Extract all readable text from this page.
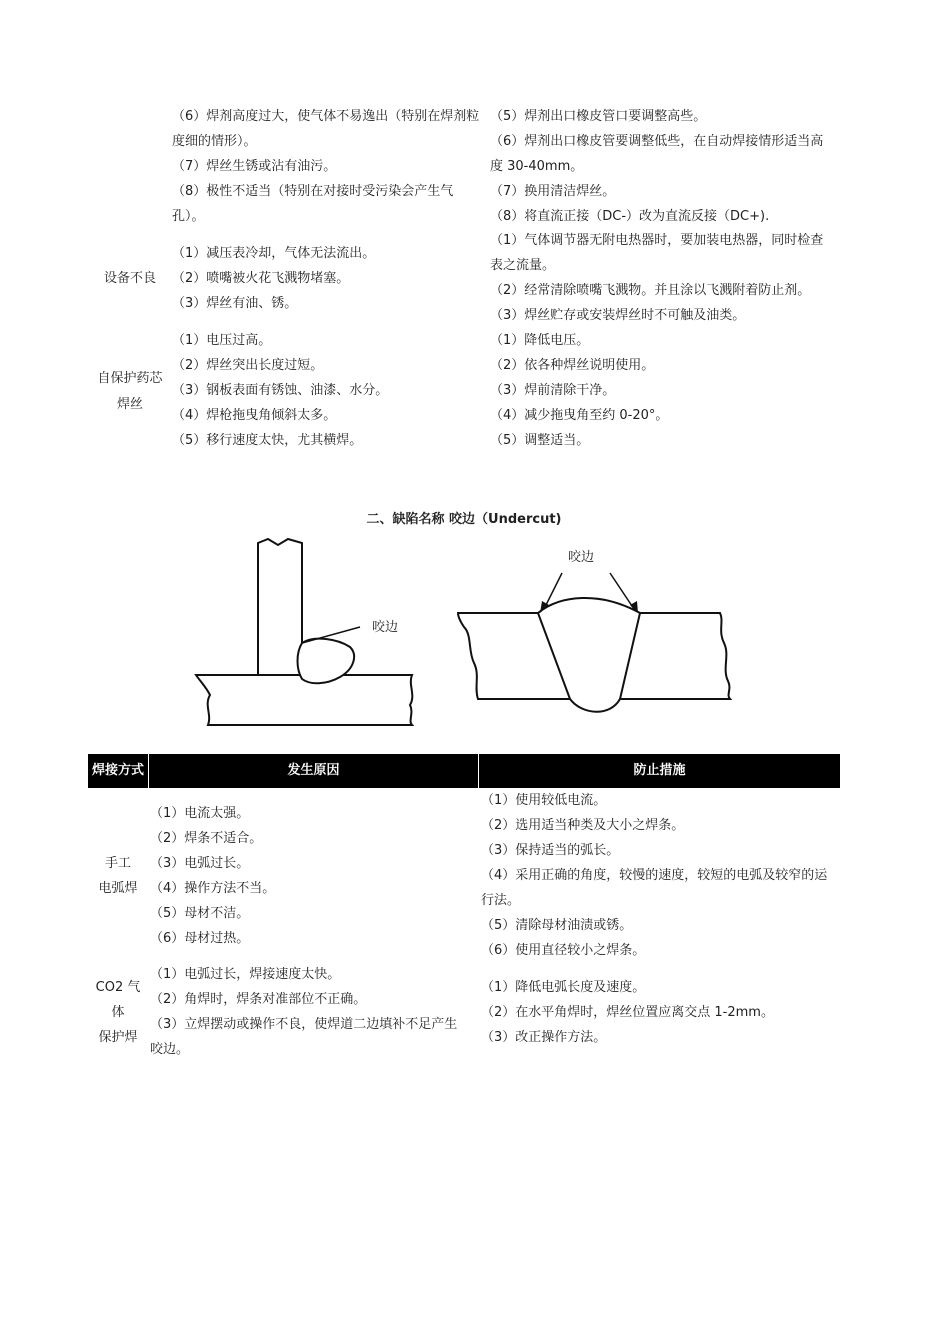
（6）焊剂高度过大，使气体不易逸出（特别在焊剂粒
度细的情形）。
（7）焊丝生锈或沾有油污。
（8）极性不适当（特别在对接时受污染会产生气
孔）。
（5）焊剂出口橡皮管口要调整高些。
（6）焊剂出口橡皮管要调整低些，在自动焊接情形适当高
度 30-40mm。
（7）换用清洁焊丝。
（8）将直流正接（DC-）改为直流反接（DC+).
设备不良
（1）减压表冷却，气体无法流出。
（2）喷嘴被火花飞溅物堵塞。
（3）焊丝有油、锈。
（1）气体调节器无附电热器时，要加装电热器，同时检查
表之流量。
（2）经常清除喷嘴飞溅物。并且涂以飞溅附着防止剂。
（3）焊丝贮存或安装焊丝时不可触及油类。
自保护药芯
焊丝
（1）电压过高。
（2）焊丝突出长度过短。
（3）钢板表面有锈蚀、油漆、水分。
（4）焊枪拖曳角倾斜太多。
（5）移行速度太快，尤其横焊。
（2）依各种焊丝说明使用。
（1）降低电压。
（3）焊前清除干净。
（4）减少拖曳角至约 0-20°。
（5）调整适当。
二、缺陷名称 咬边（Undercut)
咬边
咬边
焊接方式	发生原因	防止措施
手工
电弧焊
（1）电流太强。
（2）焊条不适合。
（3）电弧过长。
（4）操作方法不当。
（5）母材不洁。
（6）母材过热。
（1）使用较低电流。
（2）选用适当种类及大小之焊条。
（3）保持适当的弧长。
（4）采用正确的角度，较慢的速度，较短的电弧及较窄的运
行法。
（5）清除母材油渍或锈。
（6）使用直径较小之焊条。
CO2 气
体
保护焊
（1）电弧过长，焊接速度太快。
（2）角焊时，焊条对准部位不正确。
（3）立焊摆动或操作不良，使焊道二边填补不足产生
咬边。
（1）降低电弧长度及速度。
（2）在水平角焊时，焊丝位置应离交点 1-2mm。
（3）改正操作方法。
